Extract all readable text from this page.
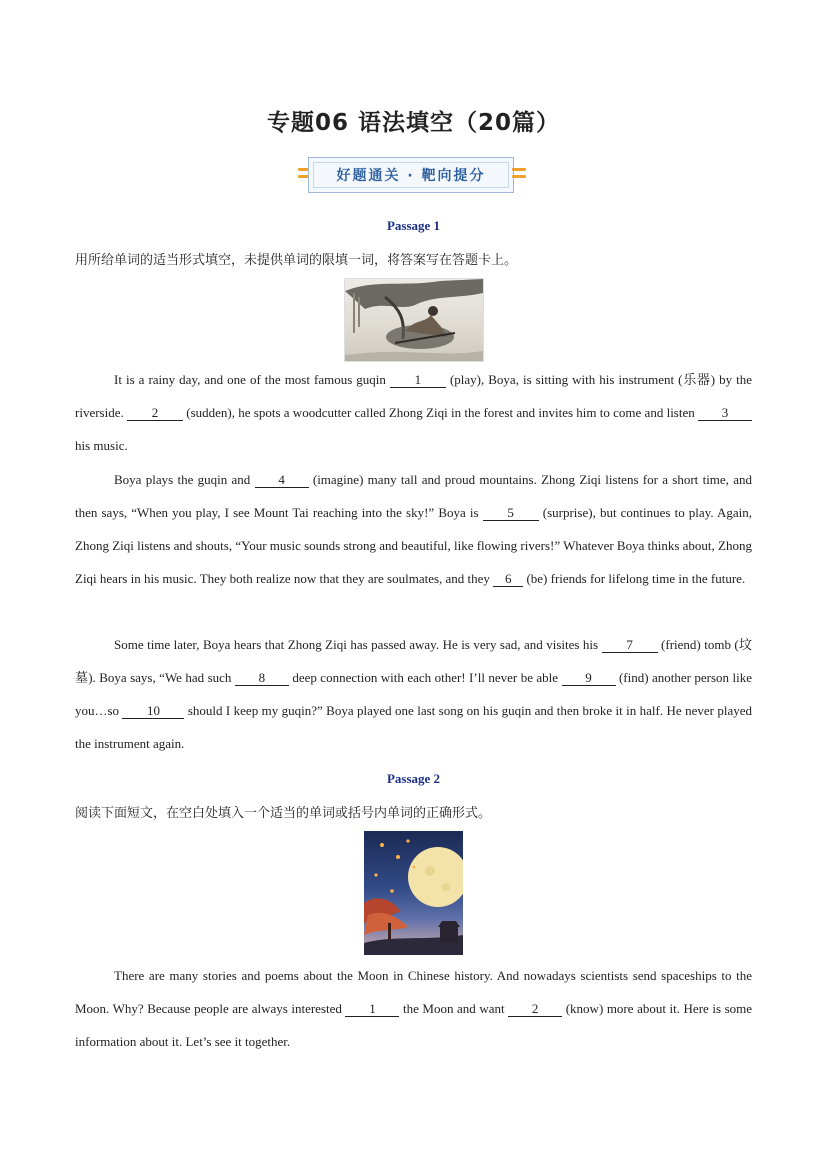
专题06 语法填空（20篇）
好题通关 · 靶向提分
Passage 1
用所给单词的适当形式填空，未提供单词的限填一词，将答案写在答题卡上。
It is a rainy day, and one of the most famous guqin 1 (play), Boya, is sitting with his instrument (乐器) by the riverside. 2 (sudden), he spots a woodcutter called Zhong Ziqi in the forest and invites him to come and listen 3 his music.
Boya plays the guqin and 4 (imagine) many tall and proud mountains. Zhong Ziqi listens for a short time, and then says, “When you play, I see Mount Tai reaching into the sky!” Boya is 5 (surprise), but continues to play. Again, Zhong Ziqi listens and shouts, “Your music sounds strong and beautiful, like flowing rivers!” Whatever Boya thinks about, Zhong Ziqi hears in his music. They both realize now that they are soulmates, and they 6 (be) friends for lifelong time in the future.
Some time later, Boya hears that Zhong Ziqi has passed away. He is very sad, and visites his 7 (friend) tomb (坟墓). Boya says, “We had such 8 deep connection with each other! I’ll never be able 9 (find) another person like you…so 10 should I keep my guqin?” Boya played one last song on his guqin and then broke it in half. He never played the instrument again.
Passage 2
阅读下面短文，在空白处填入一个适当的单词或括号内单词的正确形式。
There are many stories and poems about the Moon in Chinese history. And nowadays scientists send spaceships to the Moon. Why? Because people are always interested 1 the Moon and want 2 (know) more about it. Here is some information about it. Let’s see it together.
